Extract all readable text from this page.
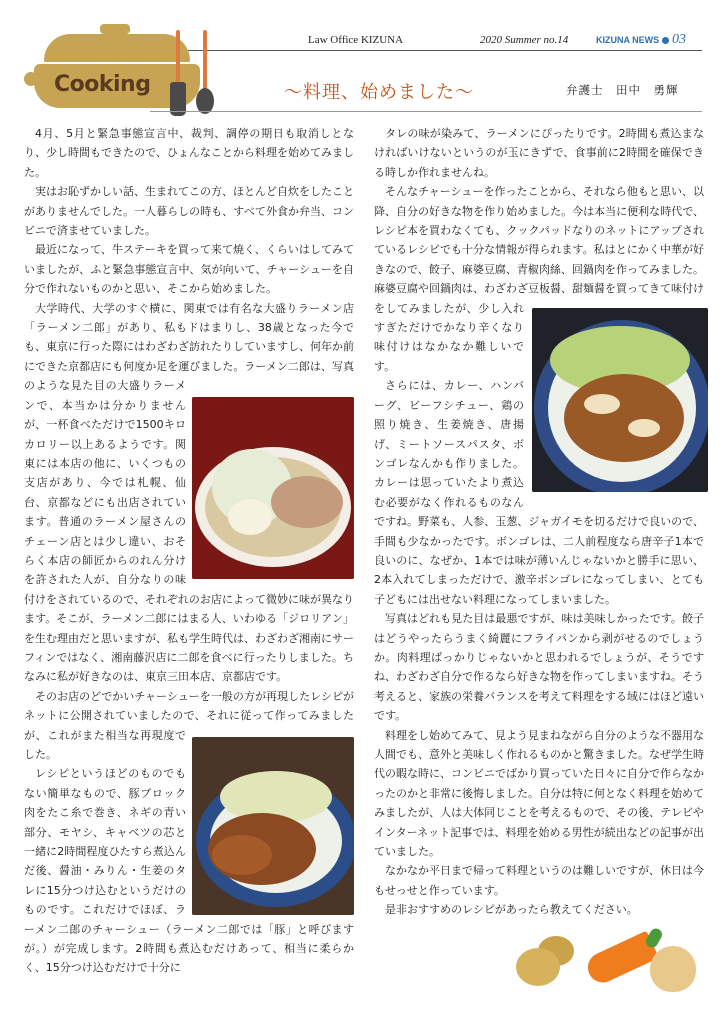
Law Office KIZUNA	2020 Summer no.14	KIZUNA NEWS 03
Cooking	～料理、始めました～	弁護士　田中　勇輝

4月、5月と緊急事態宣言中、裁判、調停の期日も取消しとなり、少し時間もできたので、ひょんなことから料理を始めてみました。

実はお恥ずかしい話、生まれてこの方、ほとんど自炊をしたことがありませんでした。一人暮らしの時も、すべて外食か弁当、コンビニで済ませていました。

最近になって、牛ステーキを買って来て焼く、くらいはしてみていましたが、ふと緊急事態宣言中、気が向いて、チャーシューを自分で作れないものかと思い、そこから始めました。

大学時代、大学のすぐ横に、関東では有名な大盛りラーメン店「ラーメン二郎」があり、私もドはまりし、38歳となった今でも、東京に行った際にはわざわざ訪れたりしていますし、何年か前にできた京都店にも何度か足を運びました。ラーメン二郎は、写真のような見た目の大盛りラーメンで、本当かは分かりませんが、一杯食べただけで1500キロカロリー以上あるようです。関東には本店の他に、いくつもの支店があり、今では札幌、仙台、京都などにも出店されています。普通のラーメン屋さんのチェーン店とは少し違い、おそらく本店の師匠からのれん分けを許された人が、自分なりの味付けをされているので、それぞれのお店によって微妙に味が異なります。そこが、ラーメン二郎にはまる人、いわゆる「ジロリアン」を生む理由だと思いますが、私も学生時代は、わざわざ湘南にサーフィンではなく、湘南藤沢店に二郎を食べに行ったりしました。ちなみに私が好きなのは、東京三田本店、京都店です。

そのお店のどでかいチャーシューを一般の方が再現したレシピがネットに公開されていましたので、それに従って作ってみましたが、これがまた相当な再現度でした。

レシピというほどのものでもない簡単なもので、豚ブロック肉をたこ糸で巻き、ネギの青い部分、モヤシ、キャベツの芯と一緒に2時間程度ひたすら煮込んだ後、醤油・みりん・生姜のタレに15分つけ込むというだけのものです。これだけでほぼ、ラーメン二郎のチャーシュー（ラーメン二郎では「豚」と呼びますが。）が完成します。2時間も煮込むだけあって、相当に柔らかく、15分つけ込むだけで十分に

タレの味が染みて、ラーメンにぴったりです。2時間も煮込まなければいけないというのが玉にきずで、食事前に2時間を確保できる時しか作れませんね。

そんなチャーシューを作ったことから、それなら他もと思い、以降、自分の好きな物を作り始めました。今は本当に便利な時代で、レシピ本を買わなくても、クックパッドなりのネットにアップされているレシピでも十分な情報が得られます。私はとにかく中華が好きなので、餃子、麻婆豆腐、青椒肉絲、回鍋肉を作ってみました。麻婆豆腐や回鍋肉は、わざわざ豆板醤、甜麺醤を買ってきて味付けをしてみましたが、少し入れすぎただけでかなり辛くなり味付けはなかなか難しいです。

さらには、カレー、ハンバーグ、ビーフシチュー、鶏の照り焼き、生姜焼き、唐揚げ、ミートソースパスタ、ボンゴレなんかも作りました。カレーは思っていたより煮込む必要がなく作れるものなんですね。野菜も、人参、玉葱、ジャガイモを切るだけで良いので、手間も少なかったです。ボンゴレは、二人前程度なら唐辛子1本で良いのに、なぜか、1本では味が薄いんじゃないかと勝手に思い、2本入れてしまっただけで、激辛ボンゴレになってしまい、とても子どもには出せない料理になってしまいました。

写真はどれも見た目は最悪ですが、味は美味しかったです。餃子はどうやったらうまく綺麗にフライパンから剥がせるのでしょうか。肉料理ばっかりじゃないかと思われるでしょうが、そうですね、わざわざ自分で作るなら好きな物を作ってしまいますね。そう考えると、家族の栄養バランスを考えて料理をする域にはほど遠いです。

料理をし始めてみて、見よう見まねながら自分のような不器用な人間でも、意外と美味しく作れるものかと驚きました。なぜ学生時代の暇な時に、コンビニでばかり買っていた日々に自分で作らなかったのかと非常に後悔しました。自分は特に何となく料理を始めてみましたが、人は大体同じことを考えるもので、その後、テレビやインターネット記事では、料理を始める男性が続出などの記事が出ていました。

なかなか平日まで帰って料理というのは難しいですが、休日は今もせっせと作っています。

是非おすすめのレシピがあったら教えてください。
